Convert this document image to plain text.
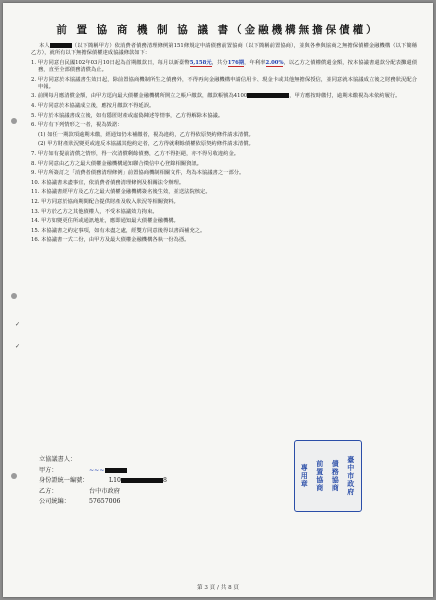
前 置 協 商 機 制 協 議 書（金融機構無擔保債權）

本人	（以下簡稱甲方）依消費者債務清理條例第151條規定申請債務前置協商（以下簡稱前置協商），並與各參與協商之無擔保債權金融機構（以下簡稱乙方），就所有以下無擔保債權達成協議條款如下：

1. 甲方同意自民國102年03月10日起為首期繳款日，每月以新臺幣5,158元，共分176期，年利率2.00%，以乙方之債權償還金額，按本協議書還款分配表攤還債務，直至全部債務清償為止。

2. 甲方同意於本協議書生效日起，除前置協商機制所生之債務外，不得再向金融機構申請信用卡、現金卡或其他無擔保授信，並同意就本協議成立後之財務狀況配合申報。

3. 前開每月應清償金額，由甲方逕向最大債權金融機構所開立之帳戶繳款，繳款帳號為4100	，甲方應按時繳付，逾期未繳視為未依約履行。

4. 甲方同意於本協議成立後，應按月繳款不得延誤。

5. 甲方於本協議書成立後，如有隱匿財產或虛偽陳述等情事，乙方得解除本協議。

6. 甲方有下列情形之一者，視為毀諾：

(1) 如任一期款項逾期未繳，經通知仍未補繳者，視為違約，乙方得依原契約條件請求清償。

(2) 甲方財產狀況變更或違反本協議其他約定者，乙方得就剩餘債權依原契約條件請求清償。

7. 甲方如有提前清償之情形，得一次清償剩餘債務，乙方不得拒絕，亦不得另收違約金。

8. 甲方同意由乙方之最大債權金融機構通知聯合徵信中心登錄相關資訊。

9. 甲方所簽訂之「消費者債務清理條例」前置協商機制相關文件，均為本協議書之一部分。

10. 本協議書未盡事宜，依消費者債務清理條例及相關法令辦理。

11. 本協議書經甲方及乙方之最大債權金融機構簽名後生效，並送法院核定。

12. 甲方同意於協商期間配合提供財產及收入狀況等相關資料。

13. 甲方於乙方之其他債權人，不受本協議效力拘束。

14. 甲方如變更住所或通訊地址，應即通知最大債權金融機構。

15. 本協議書之約定事項，如有未盡之處，經雙方同意後得以書面補充之。

16. 本協議書一式二份，由甲方及最大債權金融機構各執一份為憑。

✓
✓
立協議書人：
甲方：	~~~
身份證統一編號：	L10	8
乙方：	台中市政府
公司統編：	57657006
臺中市政府
債務協商
前置協商
專用章
第 3 頁 / 共 8 頁
